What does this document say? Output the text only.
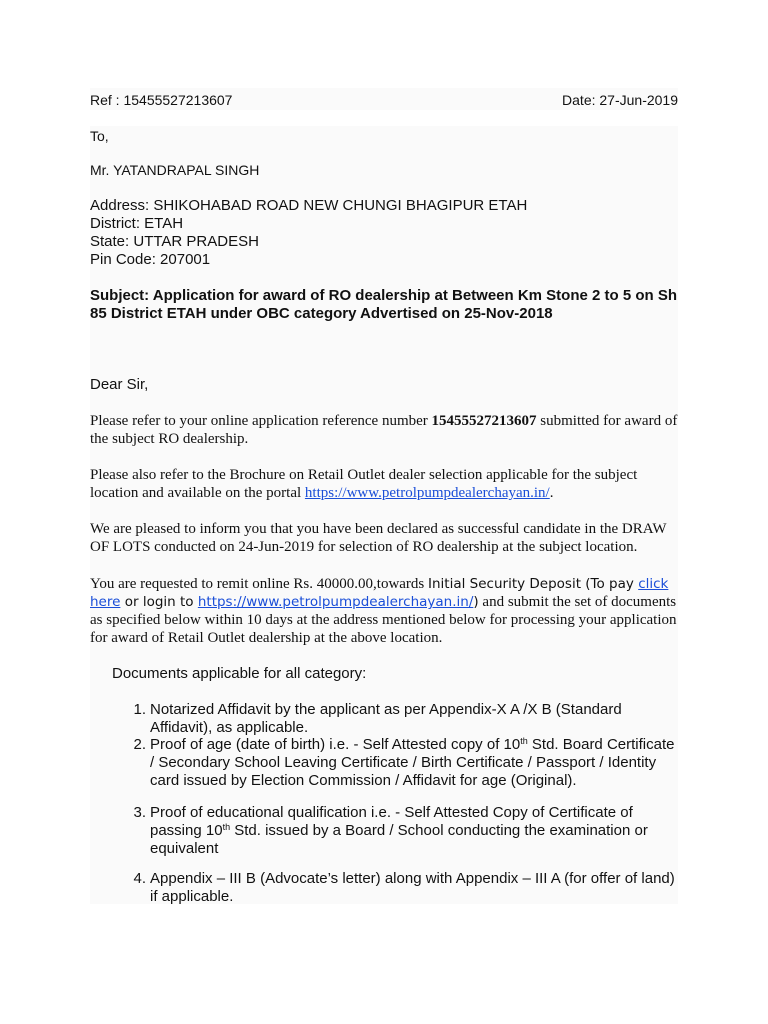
Ref : 15455527213607	Date: 27-Jun-2019
To,
Mr. YATANDRAPAL SINGH
Address: SHIKOHABAD ROAD NEW CHUNGI BHAGIPUR ETAH
District: ETAH
State: UTTAR PRADESH
Pin Code: 207001
Subject: Application for award of RO dealership at Between Km Stone 2 to 5 on Sh 85 District ETAH under OBC category Advertised on 25-Nov-2018
Dear Sir,
Please refer to your online application reference number 15455527213607 submitted for award of the subject RO dealership.
Please also refer to the Brochure on Retail Outlet dealer selection applicable for the subject location and available on the portal https://www.petrolpumpdealerchayan.in/.
We are pleased to inform you that you have been declared as successful candidate in the DRAW OF LOTS conducted on 24-Jun-2019 for selection of RO dealership at the subject location.
You are requested to remit online Rs. 40000.00,towards Initial Security Deposit (To pay click here or login to https://www.petrolpumpdealerchayan.in/) and submit the set of documents as specified below within 10 days at the address mentioned below for processing your application for award of Retail Outlet dealership at the above location.
Documents applicable for all category:
1. Notarized Affidavit by the applicant as per Appendix-X A /X B (Standard Affidavit), as applicable.
2. Proof of age (date of birth) i.e. - Self Attested copy of 10th Std. Board Certificate / Secondary School Leaving Certificate / Birth Certificate / Passport / Identity card issued by Election Commission / Affidavit for age (Original).
3. Proof of educational qualification i.e. - Self Attested Copy of Certificate of passing 10th Std. issued by a Board / School conducting the examination or equivalent
4. Appendix – III B (Advocate’s letter) along with Appendix – III A (for offer of land) if applicable.
